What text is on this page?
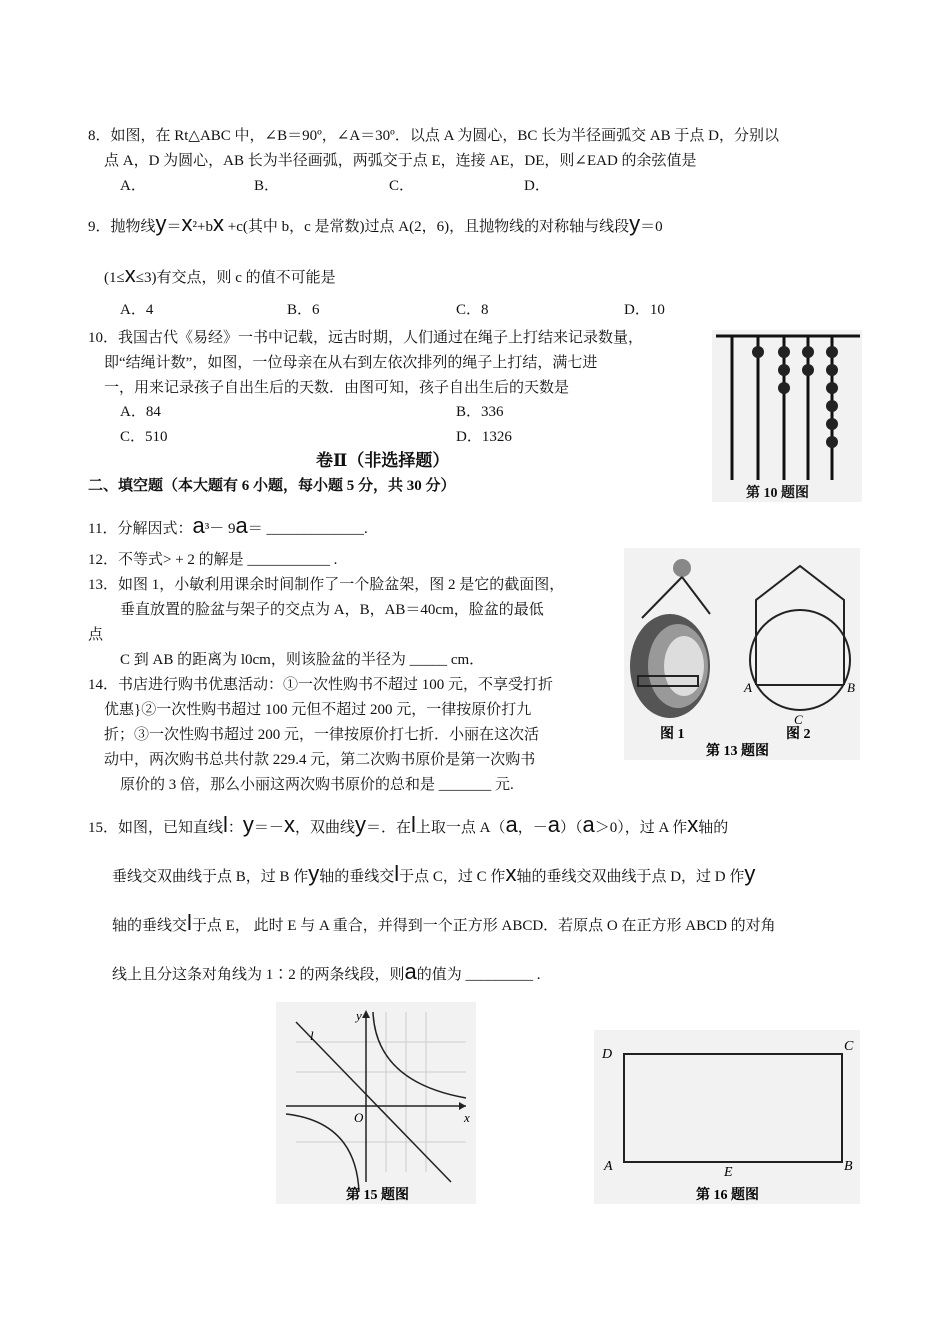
8．如图，在 Rt△ABC 中，∠B＝90º，∠A＝30º．以点 A 为圆心，BC 长为半径画弧交 AB 于点 D，分别以
点 A，D 为圆心，AB 长为半径画弧，两弧交于点 E，连接 AE，DE，则∠EAD 的余弦值是
A．	B．	C．	D．
9．抛物线y＝x²+bx +c(其中 b，c 是常数)过点 A(2，6)，且抛物线的对称轴与线段y＝0
(1≤x≤3)有交点，则 c 的值不可能是
A．4	B．6	C．8	D．10
10．我国古代《易经》一书中记载，远古时期，人们通过在绳子上打结来记录数量，
即“结绳计数”，如图，一位母亲在从右到左依次排列的绳子上打结，满七进
一，用来记录孩子自出生后的天数．由图可知，孩子自出生后的天数是
A．84	B．336
C．510	D．1326
第 10 题图
卷Ⅱ（非选择题）
二、填空题（本大题有 6 小题，每小题 5 分，共 30 分）
11．分解因式：a³－ 9a＝ _____________.
12．不等式> + 2 的解是 ___________ .
13．如图 1，小敏利用课余时间制作了一个脸盆架，图 2 是它的截面图，
垂直放置的脸盆与架子的交点为 A，B，AB＝40cm，脸盆的最低
点
C 到 AB 的距离为 l0cm，则该脸盆的半径为 _____ cm．
图 1
A	B
C
图 2
第 13 题图
14．书店进行购书优惠活动：①一次性购书不超过 100 元，不享受打折
优惠}②一次性购书超过 100 元但不超过 200 元，一律按原价打九
折；③一次性购书超过 200 元，一律按原价打七折．小丽在这次活
动中，两次购书总共付款 229.4 元，第二次购书原价是第一次购书
原价的 3 倍，那么小丽这两次购书原价的总和是 _______ 元.
15．如图，已知直线l：y＝－x，双曲线y＝．在l上取一点 A（a，－a）（a＞0），过 A 作x轴的
垂线交双曲线于点 B，过 B 作y轴的垂线交l于点 C，过 C 作x轴的垂线交双曲线于点 D，过 D 作y
轴的垂线交l于点 E， 此时 E 与 A 重合，并得到一个正方形 ABCD．若原点 O 在正方形 ABCD 的对角
线上且分这条对角线为 1∶2 的两条线段，则a的值为 _________ .
y
x
O
l
第 15 题图
D
C
A	B
E
第 16 题图
